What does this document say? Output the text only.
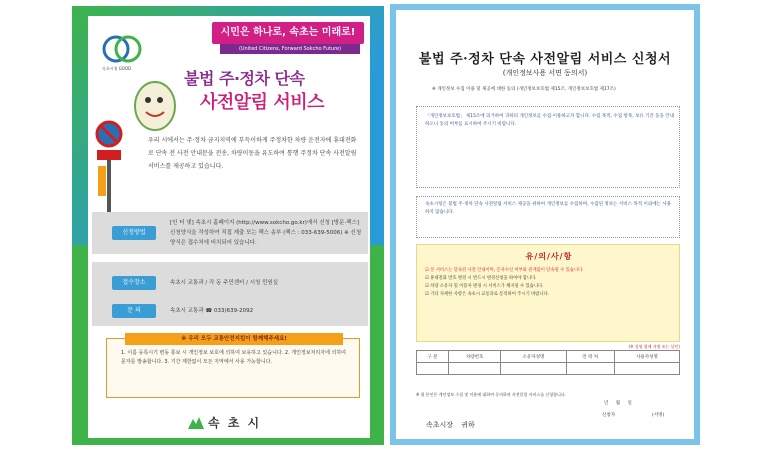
속초시청 GOOD
시민은 하나로, 속초는 미래로!
(United Citizens, Forward Sokcho Future)
불법 주·정차 단속
사전알림 서비스
우리 시에서는 주·정차 금지지역에 부득이하게 주정차한 차량 운전자에 휴대전화로 단속 전 사전 안내문을 전송, 차량이동을 유도하여 통행 주정차 단속 사전알림 서비스를 제공하고 있습니다.
신청방법
[인 터 넷] 속초시 홈페이지 (http://www.sokcho.go.kr)에서 신청 [방문·팩스] 신청양식을 작성하여 직접 제출 또는 팩스 송부 (팩스 : 033-639-5006) ※ 신청양식은 접수처에 비치되어 있습니다.
접수장소	속초시 교통과 / 각 동 주민센터 / 시청 민원실
문 의	속초시 교통과 ☎ 033)639-2092
※ 우리 모두 교통안전지킴이 함께해주세요!
1. 이름 등록시기 변동 통보 시 개인정보 보호에 의하여 보유하고 있습니다. 2. 개인정보처리자에 의하여 문자를 발송합니다. 3. 기간 제한없이 모든 지역에서 사용 가능합니다.
속 초 시
불법 주·정차 단속 사전알림 서비스 신청서
(개인정보사용 서면 동의서)
※ 개인정보 수집 이용 및 제공에 대한 동의 (개인정보보호법 제15조, 개인정보보호법 제17조)
「개인정보보호법」 제15조에 의거하여 귀하의 개인정보를 수집·이용하고자 합니다. 수집 목적, 수집 항목, 보유 기간 등을 안내하오니 동의 여부를 표시하여 주시기 바랍니다.
속초시청은 불법 주·정차 단속 사전알림 서비스 제공을 위하여 개인정보를 수집하며, 수집된 정보는 서비스 목적 이외에는 사용하지 않습니다.
유/의/사/항
☑ 본 서비스는 단속전 사전 안내이며, 문자수신 여부와 관계없이 단속될 수 있습니다.
☑ 휴대전화 번호 변경 시 반드시 변경신청을 하여야 합니다.
☑ 차량 소유자 및 이용자 변경 시 서비스가 해지될 수 있습니다.
☑ 기타 자세한 사항은 속초시 교통과로 문의하여 주시기 바랍니다.
(※ 성명 옆에 서명 또는 날인)
구 분	차량번호	소유자성명	연 락 처	사용자성명

※ 위 본인은 개인정보 수집 및 이용에 대하여 동의하며 사전알림 서비스를 신청합니다.
년 월 일
신청자	(서명)
속초시장 귀하
